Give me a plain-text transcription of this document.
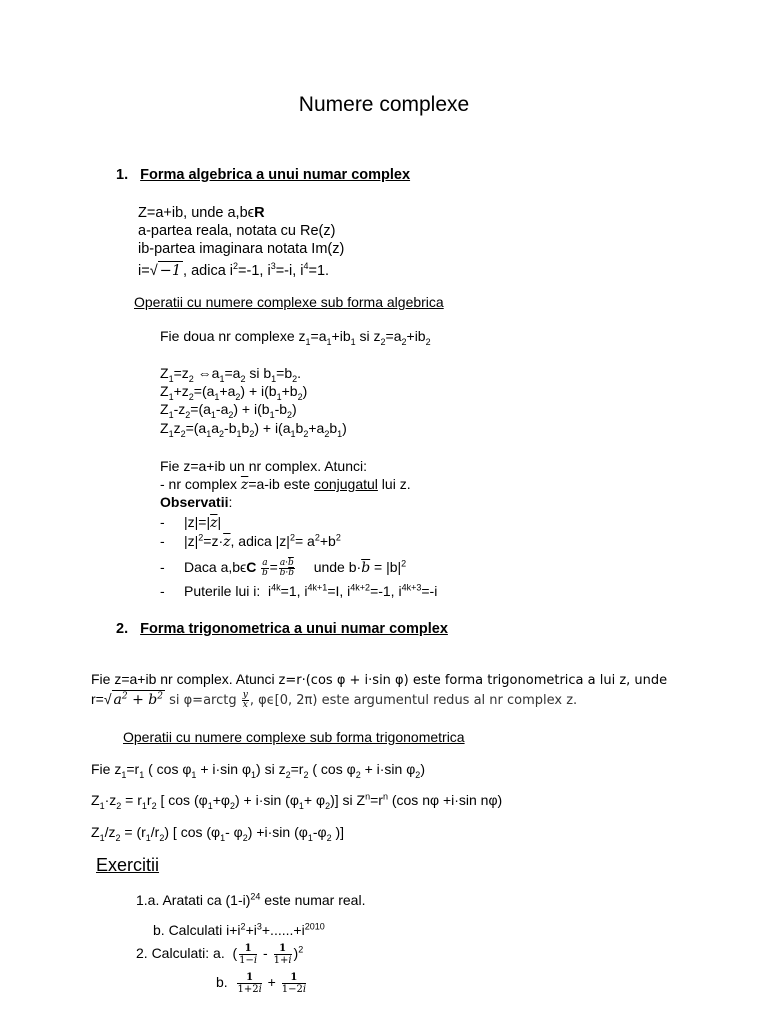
Numere complexe
1. Forma algebrica a unui numar complex
Z=a+ib, unde a,bϵR
a-partea reala, notata cu Re(z)
ib-partea imaginara notata Im(z)
i=√ −1 , adica $i^2=-1$, $i^3=-i$, $i^4=1$.
Operatii cu numere complexe sub forma algebrica
Fie doua nr complexe $z_1=a_1+ib_1$ si $z_2=a_2+ib_2$
$Z_1=z_2$ $\Leftrightarrow a_1=a_2$ si $b_1=b_2$.
$Z_1+z_2=(a_1+a_2) + i(b_1+b_2)$
$Z_1-z_2=(a_1-a_2) + i(b_1-b_2)$
$Z_1z_2=(a_1a_2-b_1b_2) + i(a_1b_2+a_2b_1)$
Fie z=a+ib un nr complex. Atunci:
- nr complex $\overline{z}=a-ib$ este conjugatul lui z.
Observatii:
- $|z|=|\overline{z}|$
- $|z|^2=z\cdot\overline{z}$, adica $|z|^2= a^2+b^2$
- Daca $a,b\epsilon C \frac{a}{b} = \frac{a\cdot\overline{b}}{b\cdot\overline{b}}$ unde $b\cdot\overline{b} = |b|^2$
- Puterile lui i:  $i^{4k}=1$, $i^{4k+1}=I$, $i^{4k+2}=-1$, $i^{4k+3}=-i$
2. Forma trigonometrica a unui numar complex
Fie z=a+ib nr complex. Atunci z=r·(cos φ + i·sin φ) este forma trigonometrica a lui z, unde
r=√ $a^2 + b^2$ si φ=arctg $\frac{y}{x}$ , φϵ[0, 2π) este argumentul redus al nr complex z.
Operatii cu numere complexe sub forma trigonometrica
Fie $z_1=r_1$ ( $\cos \varphi_1 + i\cdot\sin$ $\varphi_1$) si $z_2=r_2$ ( $\cos \varphi_2 + i\cdot\sin$ $\varphi_2$)
$Z_1\cdot z_2 = r_1r_2$ [ $\cos (\varphi_1+\varphi_2) + i\cdot\sin$ $(\varphi_1+ \varphi_2)$] si $Z^n=r^n$ (cos nφ +i·sin nφ)
$Z_1/z_2 = (r_1/r_2)$ [ $\cos (\varphi_1-$ $\varphi_2) +i\cdot\sin$ ($\varphi_1-\varphi_2$ )]
Exercitii
1.a. Aratati ca $(1-i)^{24}$ este numar real.
b. Calculati $i+i^2+i^3+......+i^{2010}$
2. Calculati: a.  ( $\frac{1}{1-i} - \frac{1}{1+i} )^2$
b. $\frac{1}{1+2i} + \frac{1}{1-2i}$
